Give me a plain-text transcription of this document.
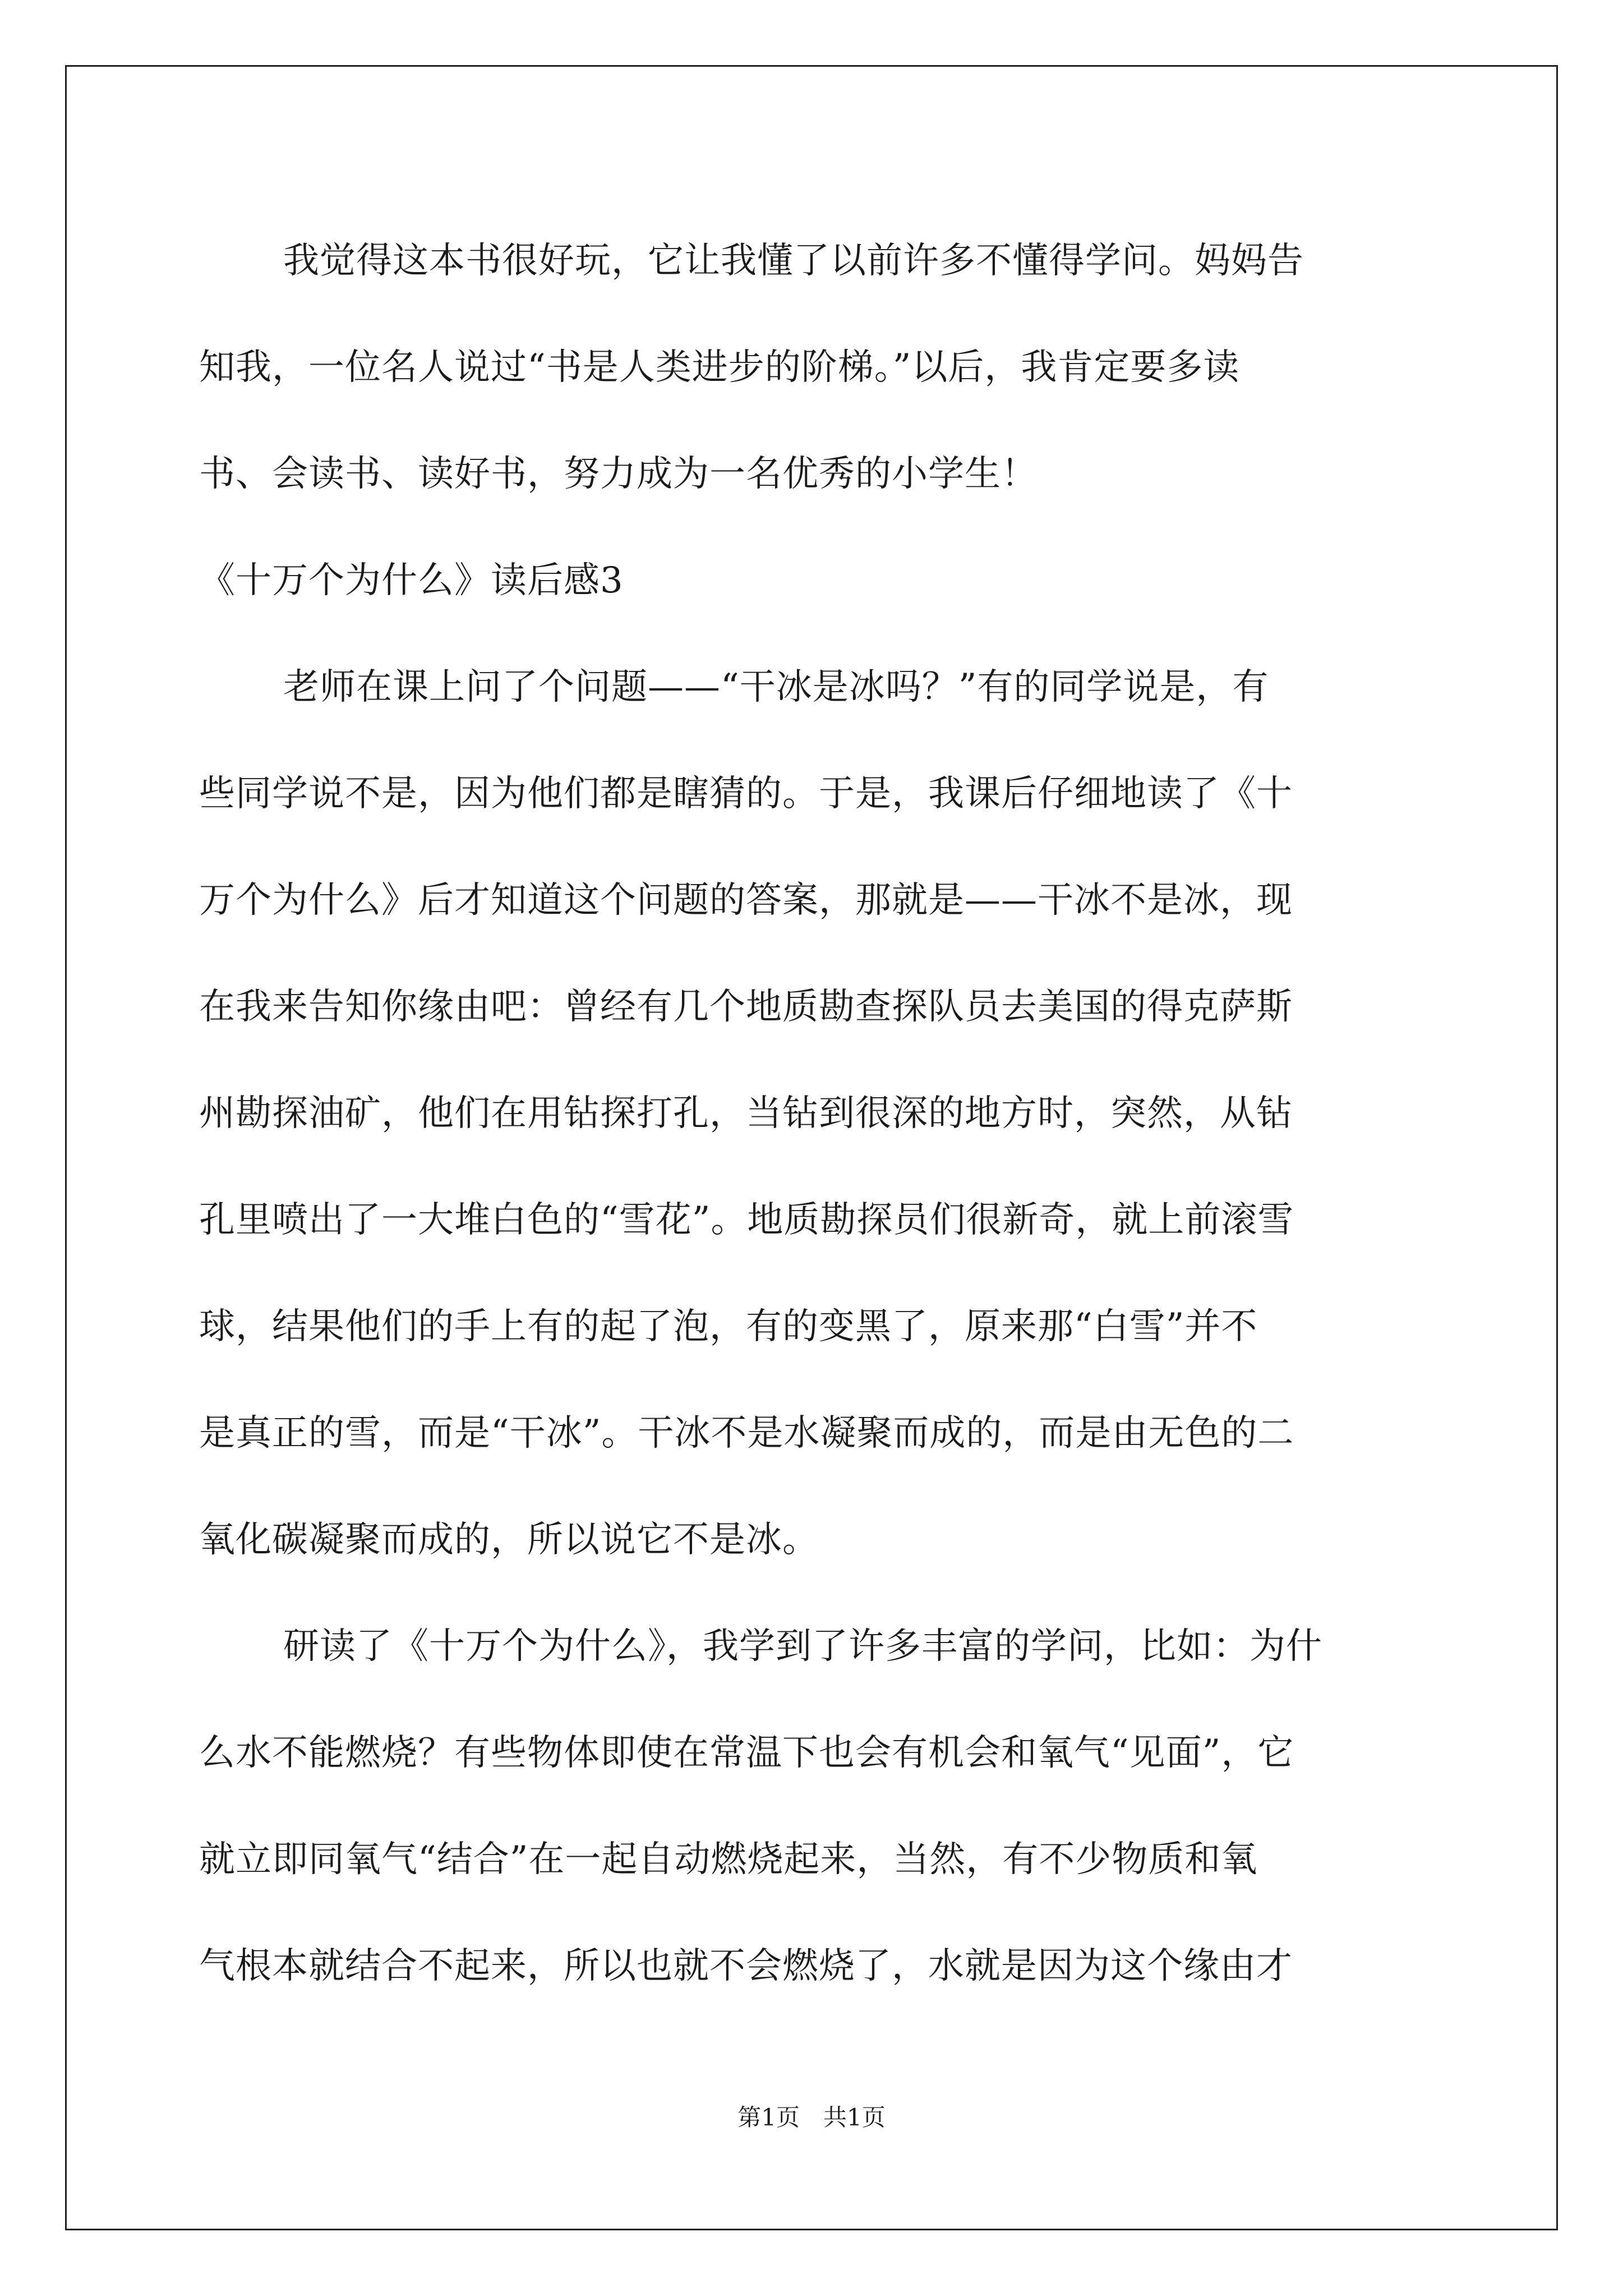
我觉得这本书很好玩，它让我懂了以前许多不懂得学问。妈妈告
知我，一位名人说过“书是人类进步的阶梯。”以后，我肯定要多读
书、会读书、读好书，努力成为一名优秀的小学生！
《十万个为什么》读后感3
老师在课上问了个问题——“干冰是冰吗？”有的同学说是，有
些同学说不是，因为他们都是瞎猜的。于是，我课后仔细地读了《十
万个为什么》后才知道这个问题的答案，那就是——干冰不是冰，现
在我来告知你缘由吧：曾经有几个地质勘查探队员去美国的得克萨斯
州勘探油矿，他们在用钻探打孔，当钻到很深的地方时，突然，从钻
孔里喷出了一大堆白色的“雪花”。地质勘探员们很新奇，就上前滚雪
球，结果他们的手上有的起了泡，有的变黑了，原来那“白雪”并不
是真正的雪，而是“干冰”。干冰不是水凝聚而成的，而是由无色的二
氧化碳凝聚而成的，所以说它不是冰。
研读了《十万个为什么》，我学到了许多丰富的学问，比如：为什
么水不能燃烧？有些物体即使在常温下也会有机会和氧气“见面”，它
就立即同氧气“结合”在一起自动燃烧起来，当然，有不少物质和氧
气根本就结合不起来，所以也就不会燃烧了，水就是因为这个缘由才
第1页　共1页
